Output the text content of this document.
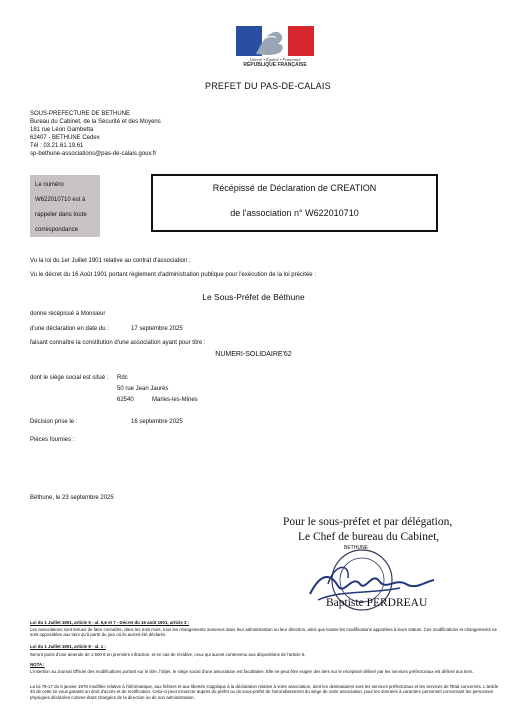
Liberté • Égalité • Fraternité
RÉPUBLIQUE FRANÇAISE
PREFET DU PAS-DE-CALAIS
SOUS-PREFECTURE DE BETHUNE
Bureau du Cabinet, de la Sécurité et des Moyens
181 rue Léon Gambetta
62407 - BETHUNE Cedex
Tél : 03.21.61.19.61
sp-bethune-associations@pas-de-calais.gouv.fr
Le numéro
W622010710 est à
rappeler dans toute
correspondance
Récépissé de Déclaration de CREATION
de l'association n° W622010710
Vu la loi du 1er Juillet 1901 relative au contrat d'association ;
Vu le décret du 16 Août 1901 portant règlement d'administration publique pour l'exécution de la loi précitée :
Le Sous-Préfet de Béthune
donne récépissé à Monsieur
d'une déclaration en date du :	17 septembre 2025
faisant connaître la constitution d'une association ayant pour titre :
NUMERI-SOLIDAIRE'62
dont le siège social est situé : Rdc
50 rue Jean Jaurès
62540	Marles-les-Mines
Décision prise le :	16 septembre 2025
Pièces fournies :
Béthune, le 23 septembre 2025
Pour le sous-préfet et par délégation,
Le Chef de bureau du Cabinet,
BETHUNE
Baptiste PERDREAU
Loi du 1 Juillet 1901, article 5 - al. 5,6 et 7 - Décret du 16 août 1901, article 3 :
Les associations sont tenues de faire connaître, dans les trois mois, tous les changements survenus dans leur administration ou leur direction, ainsi que toutes les modifications apportées à leurs statuts. Ces modifications et changements ne sont opposables aux tiers qu'à partir du jour où ils auront été déclarés.
Loi du 1 Juillet 1901, article 8 - al. 1 :
Seront punis d'une amende de 1 500 € en première infraction, et en cas de récidive, ceux qui auront contrevenu aux dispositions de l'article 5.
NOTA :
L'insertion au Journal Officiel des modifications portant sur le titre, l'objet, le siège social d'une association est facultative. Elle ne peut être exigée des tiers sur le récépissé délivré par les services préfectoraux est délivré aux tiers.
La loi 78-17 du 6 janvier 1978 modifiée relative à l'informatique, aux fichiers et aux libertés s'applique à la déclaration relative à votre association, dont les destinataires sont les services préfectoraux et les services de l'Etat concernés. L'article 40 de cette loi vous garantit un droit d'accès et de rectification. Celui-ci peut s'exercer auprès du préfet ou du sous-préfet de l'arrondissement du siège de votre association, pour les données à caractère personnel concernant les personnes physiques déclarées comme étant chargées de la direction ou de son administration.
